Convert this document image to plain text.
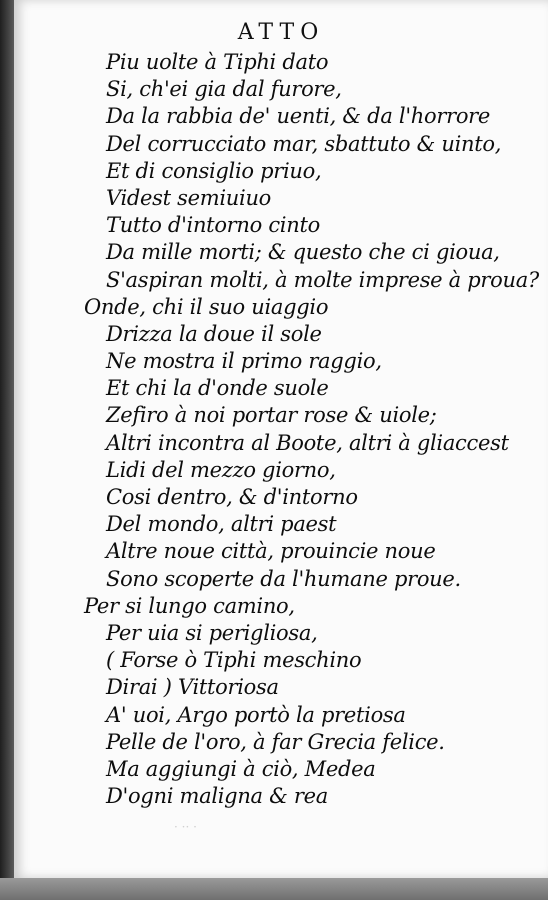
ATTO
Piu uolte à Tiphi dato
Si, ch'ei gia dal furore,
Da la rabbia de' uenti, & da l'horrore
Del corrucciato mar, sbattuto & uinto,
Et di consiglio priuo,
Videst semiuiuo
Tutto d'intorno cinto
Da mille morti; & questo che ci gioua,
S'aspiran molti, à molte imprese à proua?
Onde, chi il suo uiaggio
Drizza la doue il sole
Ne mostra il primo raggio,
Et chi la d'onde suole
Zefiro à noi portar rose & uiole;
Altri incontra al Boote, altri à gliaccest
Lidi del mezzo giorno,
Cosi dentro, & d'intorno
Del mondo, altri paest
Altre noue città, prouincie noue
Sono scoperte da l'humane proue.
Per si lungo camino,
Per uia si perigliosa,
( Forse ò Tiphi meschino
Dirai ) Vittoriosa
A' uoi, Argo portò la pretiosa
Pelle de l'oro, à far Grecia felice.
Ma aggiungi à ciò, Medea
D'ogni maligna & rea
· ·· ·
